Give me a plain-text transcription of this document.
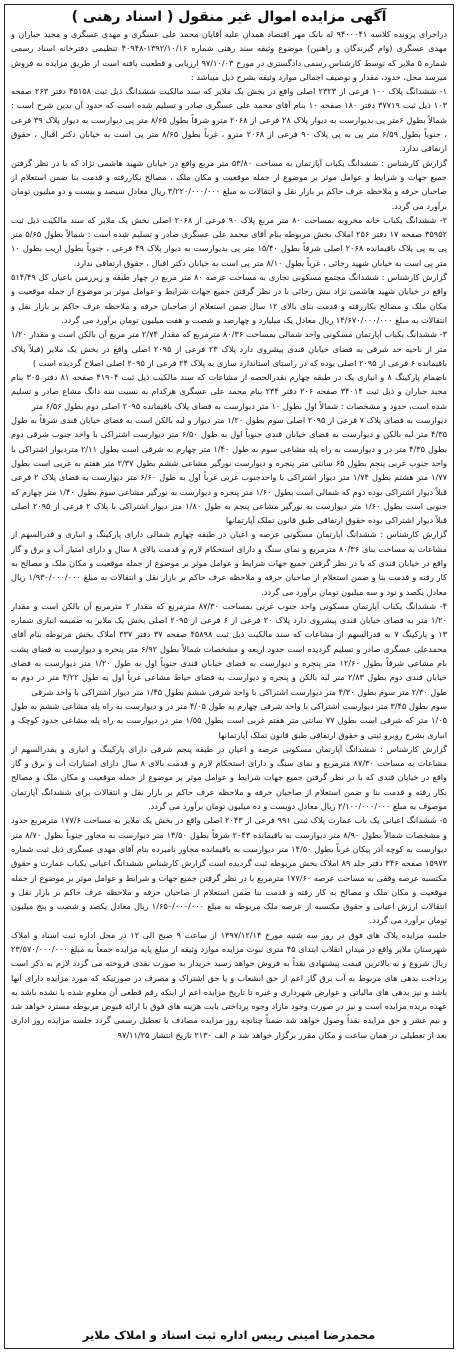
آگهی مزایده اموال غیر منقول ( اسناد رهنی )

دراجرای پرونده کلاسه ۹۴۰۰۰۴۱ له بانک مهر اقتصاد همدان علیه آقایان محمد علی عسگری و مهدی عسگری و مجید جباران و مهدی عسگری (وام گیرندگان و راهنین) موضوع وثیقه سند رهنی شماره ۱۳۹۲/۱۰/۱۶-۴۰۹۴۸ تنظیمی دفترخانه اسناد رسمی شماره ۵ ملایر که توسط کارشناس رسمی دادگستری در مورخ ۹۷/۱۰/۰۳ ارزیابی و قطعیت یافته است از طریق مزایده به فروش میرسد محل، حدود، مقدار و توصیف اجمالی موارد وثیقه بشرح ذیل میباشد :

۱- ششدانگ پلاک ۱۰۰ فرعی از ۲۳۲۳ اصلی واقع در بخش یک ملایر که سند مالکیت ششدانگ ذیل ثبت ۴۵۱۵۸ دفتر ۲۶۳ صفحه ۱۰۳ ذیل ثبت ۳۷۷۱۹ دفتر ۱۸۰ صفحه ۱۰ بنام آقای محمد علی عسگری صادر و تسلیم شده است که حدود آن بدین شرح است : شمالاً بطول ۶متر پی بدیوارست به دیوار پلاک ۲۸ فرعی از ۲۰۶۸ مترو شرقاً بطول ۸/۶۵ متر پی دیوارست به دیوار پلاک ۳۹ فرعی ، جنوباً بطول ۶/۵۹ متر پی به پی پلاک ۹۰ فرعی از ۲۰۶۸ مترو ، غرباً بطول ۸/۶۵ متر پی است به خیابان دکتر اقبال ، حقوق ارتفاقی ندارد.

گزارش کارشناس : ششدانگ یکباب آپارتمان به مساحت ۵۳/۸۰ متر مربع واقع در خیابان شهید هاشمی نژاد که با در نظر گرفتن جمیع جهات و شرایط و عوامل موثر بر موضوع از جمله موقعیت و مکان ملک ، مصالح بکاررفته و قدمت بنا ضمن استعلام از صاحبان حرفه و ملاحظه عرف حاکم بر بازار نقل و انتقالات به مبلغ ۳/۲۲۰/۰۰۰/۰۰۰ ریال معادل سیصد و بیست و دو میلیون تومان برآورد می گردد.

۲- ششدانگ یکباب خانه مخروبه بمساحت ۸۰ متر مربع پلاک ۹۰ فرعی از ۲۰۶۸ اصلی بخش یک ملایر که سند مالکیت ذیل ثبت ۳۵۹۵۲ صفحه ۱۷ دفتر ۲۵۶ املاک بخش مربوطه بنام آقای محمد علی عسگری صادر و تسلیم شده است : شمالاً بطول ۵/۶۵ متر پی به پی پلاک باقیمانده ۲۰۶۸ اصلی شرقاً بطول ۱۵/۴۰ متر پی بدیوارست به دیوار پلاک ۴۹ فرعی ، جنوباً بطول اریب بطول ۱۰ متر پی است به خیابان شهید رجائی ، غرباً بطول ۸/۱۰ متر پی است به خیابان دکتر اقبال ، حقوق ارتفاقی ندارد.

گزارش کارشناس : ششدانگ مجتمع مسکونی تجاری به مساحت عرصه ۸۰ متر مربع در چهار طبقه و زیرزمین باعیان کل ۵۱۴/۴۹ واقع در خیابان شهید هاشمی نژاد نبش رجائی با در نظر گرفتن جمیع جهات شرایط و عوامل موثر بر موضوع از جمله موقعیت و مکان ملک و مصالح بکاررفته و قدمت بنای بالای ۱۲ سال ضمن استعلام از صاحبان حرفه و ملاحظه عرف حاکم بر بازار نقل و انتقالات به مبلغ ۱۴/۶۷۰/۰۰۰/۰۰۰ ریال معادل یک میلیارد و چهارصد و شصت و هفت میلیون تومان برآورد می گردد.

۳- ششدانگ یکباب آپارتمان مسکونی واحد شمالی بمساحت ۸۰/۳۶ مترمربع که مقدار ۲/۷۴ متر مربع آن بالکن است و مقدار ۱/۲۰ متر از ناحیه حد شرقی به فضای خیابان قندی پیشروی دارد پلاک ۲۳ فرعی از ۲۰۹۵ اصلی واقع در بخش یک ملایر (قبلاً پلاک باقیمانده ۶ فرعی از ۲۰۹۵ اصلی بوده که در راستای استاندارد سازی به پلاک ۲۴ فرعی از ۲۰۹۵ اصلی اصلاح گردیده است )

باضمام پارکینگ ۸ و انباری یک در طبقه چهارم بقدرالحصه از مشاعات که سند مالکیت ذیل ثبت ۴۱۹۰۴ صفحه ۸۱ دفتر ۳۰۵ بنام مجید جباران و ذیل ثبت ۳۴۰۱۴ صفحه ۲۰۶ دفتر ۲۳۴ بنام محمد علی عسگری هرکدام به نسبت سه دانگ مشاع صادر و تسلیم شده است، حدود و مشخصات : شمالاً اول بطول ۱۰ متر دیوارست به فضای پلاک باقیمانده ۲۰۹۵ اصلی دوم بطول ۶/۵۶ متر

دیوارست به فضای پلاک ۷ فرعی از ۲۰۹۵ اصلی سوم بطول ۱/۲۰ متر دیوار و لبه بالکن است به فضای خیابان قندی شرقاً به طول ۴/۳۵ متر لبه بالکن و دیوارست به فضای خیابان قندی جنوباً اول به طول ۶/۵۰ متر دیوارست اشتراکی با واحد جنوب شرقی دوم بطول ۴/۳۵ متر در و دیوارست به راه پله مشاعی سوم به طول ۱/۴۰ متر چهارم به شرقی است بطول ۲/۱۱ متردیوار اشتراکی با واحد جنوب غربی پنجم بطول ۶۵ سانتی متر پنجره و دیوارست نورگیر مشاعی ششم بطول ۲/۳۷ متر هفتم به غربی است بطول ۱/۷۷ متر هشتم بطول ۱/۷۴ متر دیوار اشتراکی با واحدجنوب غربی غرباً اول به طول ۶/۶۰ متر دیوارست به فضای پلاک ۲ فرعی قبلاً دیوار اشتراکی بوده دوم که شمالی است بطول ۱/۶۰ متر پنجره و دیوارست به نورگیر مشاعی سوم بطول ۱/۴۰ متر چهارم که جنوبی است بطول ۱/۶۰ متر دیوارست به نورگیر مشاعی پنجم به طول ۱/۸۰ متر دیوار اشتراکی با پلاک ۲ فرعی از ۲۰۹۵ اصلی قبلاً دیوار اشتراکی بوده حقوق ارتفاقی طبق قانون تملک آپارتمانها

گزارش کارشناس : ششدانگ آپارتمان مسکونی عرصه و اعیان در طبقه چهارم شمالی دارای پارکینگ و انباری و قدرالسهم از مشاعات به مساحت بنای ۸۰/۳۶ مترمربع و نمای سنگ و دارای استحکام لازم و قدمت بالای ۸ سال و دارای امتیاز آب و برق و گاز واقع در خیابان قندی که با در نظر گرفتن جمیع جهات شرایط و عوامل موثر بر موضوع از جمله موقعیت و مکان ملک و مصالح به کار رفته و قدمت بنا و ضمن استعلام از صاحبان حرفه و ملاحظه عرف حاکم بر بازار نقل و انتقالات به مبلغ ۱/۹۳۰/۰۰۰/۰۰۰ ریال معادل یکصد و نود و سه میلیون تومان برآورد می گردد.

۴- ششدانگ یکباب آپارتمان مسکونی واحد جنوب غربی بمساحت ۸۷/۳۰ مترمربع که مقدار ۲ مترمربع آن بالکن است و مقدار ۱/۲۰ متر به فضای خیابان قندی پیشروی دارد پلاک ۲۰ فرعی از ۶ فرعی از ۲۰۹۵ اصلی بخش یک ملایر به ضمیمه انباری شماره ۱۳ و پارکینگ ۷ به قدرالسهم از مشاعات که سند مالکیت ذیل ثبت ۴۵۸۹۸ صفحه ۳۷ دفتر ۳۳۷ املاک بخش مربوطه بنام آقای محمدعلی عسگری صادر و تسلیم گردیده است حدود اربعه و مشخصات شمالاً بطول ۶/۹۲ متر پنجره و دیوارست به فضای پشت بام مشاعی شرقاً بطول ۱۲/۶۰ متر پنجره و دیوارست به فضای خیابان قندی جنوباً اول به طول ۱/۲۰ متر دیوارست به فضای خیابان قندی دوم بطول ۲/۸۳ متر لبه بالکن و پنجره و دیوارست به فضای حیاط مشاعی غرباً اول به طول ۴/۲۲ متر در دوم به طول ۲/۳۰ متر سوم بطول ۴/۳۰ متر دیوارست اشتراکی با واحد شرقی ششم بطول ۱/۴۵ متر دیوار اشتراکی با واحد شرقی

سوم بطول ۳/۴۵ متر دیوارست اشتراکی با واحد شرقی چهارم به طول ۴/۰۵ متر در و دیوارست به راه پله مشاعی ششم به طول ۱/۰۵ متر که شرقی است بطول ۷۷ سانتی متر هفتم غربی است بطول ۱/۵۵ متر در دیوارست به راه پله مشاعی حدود کوچک و انباری بشرح روبرو ثبتی و حقوق ارتفاقی طبق قانون تملک آپارتمانها

گزارش کارشناس : ششدانگ آپارتمان مسکونی عرصه و اعیان در طبقه پنجم شرقی دارای پارکینگ و انباری و بقدرالسهم از مشاعات به مساحت ۸۷/۳۰ مترمربع و نمای سنگ و دارای استحکام لازم و قدمت بالای ۸ سال دارای امتیازات آب و برق و گاز واقع در خیابان قندی که با در نظر گرفتن جمیع جهات شرایط و عوامل موثر بر موضوع از جمله موقعیت و مکان ملک و مصالح بکار رفته و قدمت بنا و ضمن استعلام از صاحبان حرفه و ملاحظه عرف حاکم بر بازار نقل و انتقالات برای ششدانگ آپارتمان موصوف به مبلغ ۲/۱۰۰/۰۰۰/۰۰۰ ریال معادل دویست و ده میلیون تومان برآورد می گردد.

۵- ششدانگ اعیانی یک باب عمارت پلاک ثبتی ۹۹۱ فرعی از ۲۰۴۳ اصلی واقع در بخش یک ملایر به مساحت ۱۷۷/۶ مترمربع حدود و مشخصات شمالاً بطول ۸/۹۰ متر دیوارست به باقیمانده ۲۰۴۳ شرقاً بطول ۱۴/۵۰ متر دیوارست به مجاور جنوباً بطول ۸/۷۰ متر دیوارست به کوچه آذر پیکان غرباً بطول ۱۴/۵۰ متر دیوارست به باقیمانده مجاور نامبرده بنام آقای مهدی عسگری ذیل ثبت شماره ۱۵۹۷۳ صفحه ۳۴۶ دفتر جلد ۸۹ املاک بخش مربوطه ثبت گردیده است گزارش کارشناس ششدانگ اعیانی یکباب عمارت و حقوق مکتسبه عرصه وقفی به مساحت عرصه ۱۷۷/۶۰ مترمربع با در نظر گرفتن جمیع جهات و شرایط و عوامل موثر بر موضوع از جمله موقعیت و مکان ملک و مصالح به کار رفته و قدمت بنا ضمن استعلام از صاحبان حرفه و ملاحظه عرف حاکم بر بازار نقل و انتقالات ارزش اعیانی و حقوق مکتسبه از عرصه ملک مربوطه به مبلغ ۱/۶۵۰/۰۰۰/۰۰۰ ریال معادل یکصد و شصت و پنج میلیون تومان برآورد می گردد.

جلسه مزایده پلاک های فوق در روز سه شنبه مورخ ۱۳۹۷/۱۲/۱۴ از ساعت ۹ صبح الی ۱۲ در محل اداره ثبت اسناد و املاک شهرستان ملایر واقع در میدان انقلاب ابتدای ۴۵ متری نبوت مزایده موارد وثیقه از مبلغ پایه مزایده جمعاً به مبلغ ۲۳/۵۷۰/۰۰۰/۰۰۰ ریال شروع و به بالاترین قیمت پیشنهادی نقداً به فروش خواهد رسید خریدار به صورت نقدی فروخته می گردد لازم به ذکر است پرداخت بدهی های مربوط به آب برق گاز اعم از حق انشعاب و یا حق اشتراک و مصرف در صورتیکه که مورد مزایده دارای آنها باشد و نیز بدهی های مالیاتی و عوارض شهرداری و غیره تا تاریخ مزایده اعم از اینکه رقم قطعی آن معلوم شده یا نشده باشد به عهده برنده مزایده است و نیز در صورت وجود مازاد وجوه پرداختی بابت هزینه های فوق با ارائه قبوض مربوطه مسترد خواهد شد و نیم عشر و حق مزایده نقداً وصول خواهد شد ضمناً چنانچه روز مزایده مصادف با تعطیل رسمی گردد جلسه مزایده روز اداری بعد از تعطیلی در همان ساعت و مکان مقرر برگزار خواهد شد م الف ۲۱۳۰ تاریخ انتشار ۹۷/۱۱/۲۵

محمدرضا امینی رییس اداره ثبت اسناد و املاک ملایر
